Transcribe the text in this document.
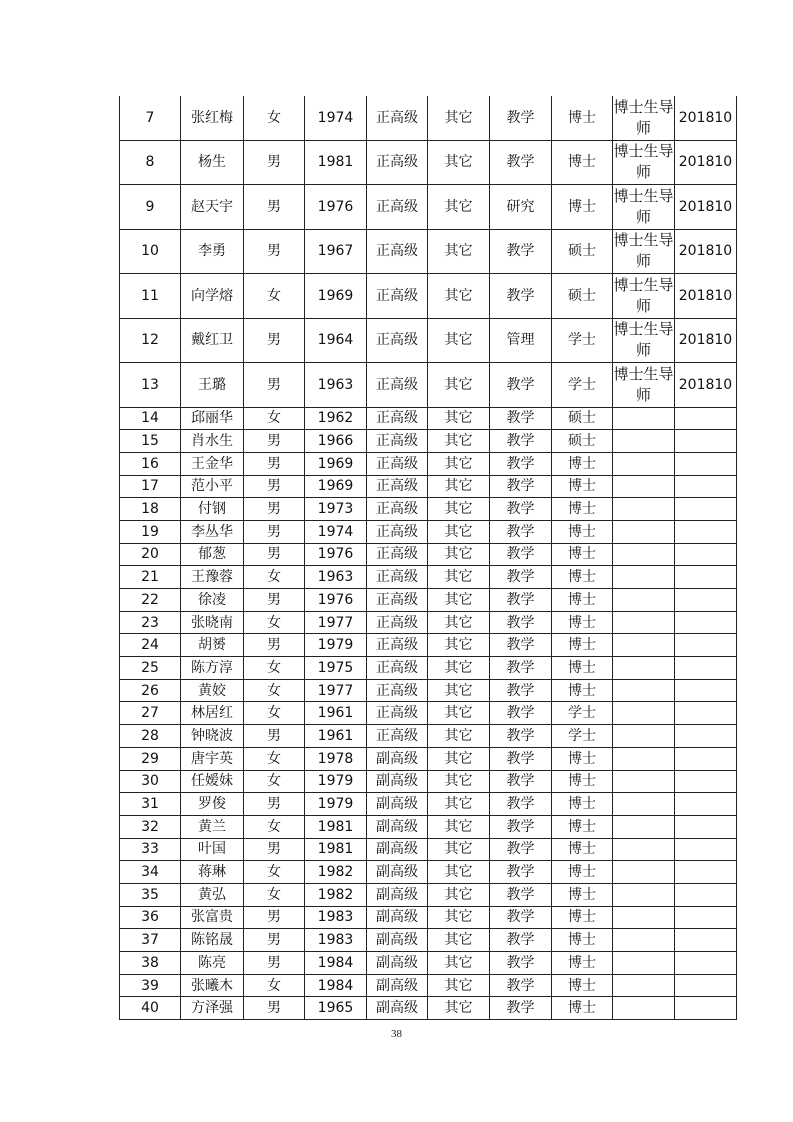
7	张红梅	女	1974	正高级	其它	教学	博士	博士生导师	201810
8	杨生	男	1981	正高级	其它	教学	博士	博士生导师	201810
9	赵天宇	男	1976	正高级	其它	研究	博士	博士生导师	201810
10	李勇	男	1967	正高级	其它	教学	硕士	博士生导师	201810
11	向学熔	女	1969	正高级	其它	教学	硕士	博士生导师	201810
12	戴红卫	男	1964	正高级	其它	管理	学士	博士生导师	201810
13	王璐	男	1963	正高级	其它	教学	学士	博士生导师	201810
14	邱丽华	女	1962	正高级	其它	教学	硕士		
15	肖水生	男	1966	正高级	其它	教学	硕士		
16	王金华	男	1969	正高级	其它	教学	博士		
17	范小平	男	1969	正高级	其它	教学	博士		
18	付钢	男	1973	正高级	其它	教学	博士		
19	李丛华	男	1974	正高级	其它	教学	博士		
20	郁葱	男	1976	正高级	其它	教学	博士		
21	王豫蓉	女	1963	正高级	其它	教学	博士		
22	徐凌	男	1976	正高级	其它	教学	博士		
23	张晓南	女	1977	正高级	其它	教学	博士		
24	胡赟	男	1979	正高级	其它	教学	博士		
25	陈方淳	女	1975	正高级	其它	教学	博士		
26	黄姣	女	1977	正高级	其它	教学	博士		
27	林居红	女	1961	正高级	其它	教学	学士		
28	钟晓波	男	1961	正高级	其它	教学	学士		
29	唐宇英	女	1978	副高级	其它	教学	博士		
30	任嫒妹	女	1979	副高级	其它	教学	博士		
31	罗俊	男	1979	副高级	其它	教学	博士		
32	黄兰	女	1981	副高级	其它	教学	博士		
33	叶国	男	1981	副高级	其它	教学	博士		
34	蒋琳	女	1982	副高级	其它	教学	博士		
35	黄弘	女	1982	副高级	其它	教学	博士		
36	张富贵	男	1983	副高级	其它	教学	博士		
37	陈铭晟	男	1983	副高级	其它	教学	博士		
38	陈亮	男	1984	副高级	其它	教学	博士		
39	张曦木	女	1984	副高级	其它	教学	博士		
40	方泽强	男	1965	副高级	其它	教学	博士		
38
